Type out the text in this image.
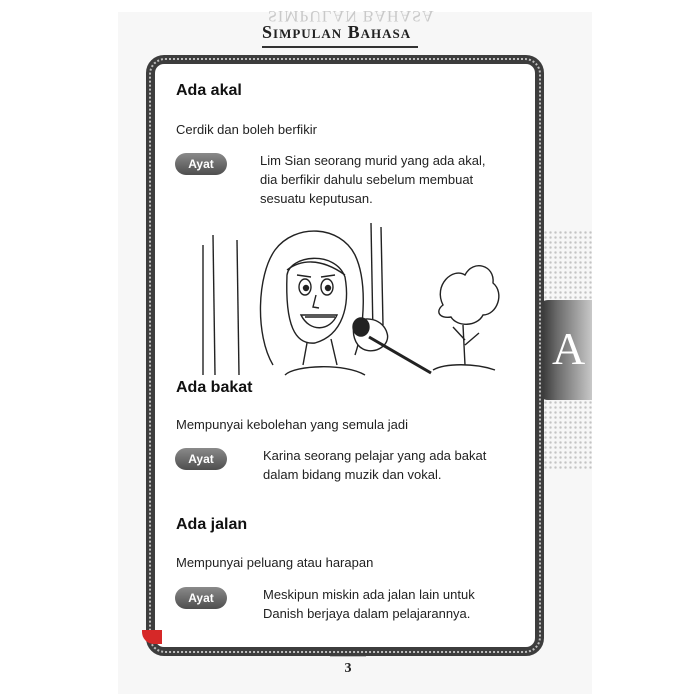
SIMPULAN BAHASA
Simpulan Bahasa
A
Ada akal
Cerdik dan boleh berfikir
Ayat	Lim Sian seorang murid yang ada akal,
dia berfikir dahulu sebelum membuat
sesuatu keputusan.
Ada bakat
Mempunyai kebolehan yang semula jadi
Ayat	Karina seorang pelajar yang ada bakat
dalam bidang muzik dan vokal.
Ada jalan
Mempunyai peluang atau harapan
Ayat	Meskipun miskin ada jalan lain untuk
Danish berjaya dalam pelajarannya.
3
